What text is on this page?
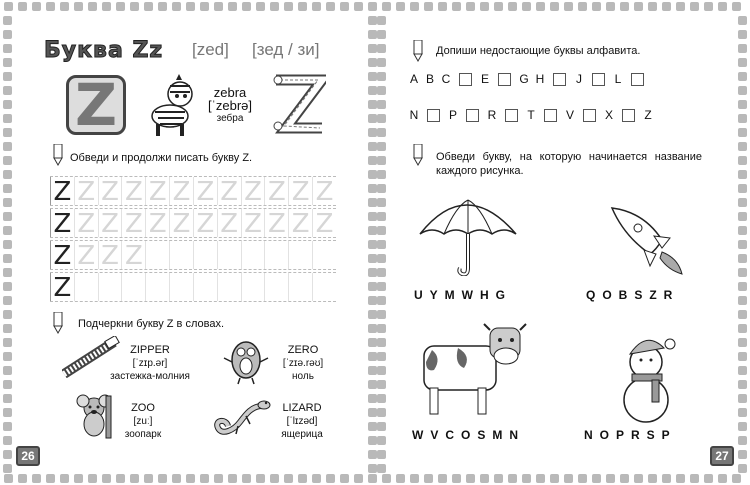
Буква Zz [zed] [зед / зи]
Z	zebra
[ˈzebrə]
зебра
Обведи и продолжи писать букву Z.
Z Z Z Z Z Z Z Z Z Z Z Z
Z Z Z Z Z Z Z Z Z Z Z Z
Z Z Z Z
Z
Подчеркни букву Z в словах.
ZIPPER
[ˈzɪp.ər]
застежка-молния
ZERO
[ˈzɪə.rəʊ]
ноль
ZOO
[zuː]
зоопарк
LIZARD
[ˈlɪzəd]
ящерица
26
Допиши недостающие буквы алфавита.
A B C	E	G H	J	L
N	P	R	T	V	X	Z
Обведи букву, на которую начинается название каждого рисунка.
UYMWHG	QOBSZR
WVCOSMN	NOPRSP
27
